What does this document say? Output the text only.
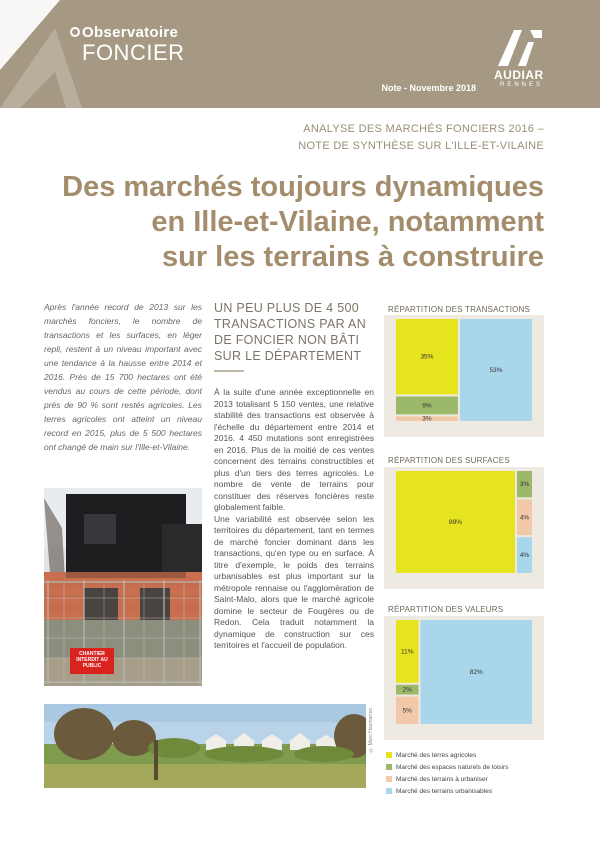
Observatoire
FONCIER
Note - Novembre 2018
AUDIAR
RENNES
ANALYSE DES MARCHÉS FONCIERS 2016 –
NOTE DE SYNTHÈSE SUR L'ILLE-ET-VILAINE
Des marchés toujours dynamiques
en Ille-et-Vilaine, notamment
sur les terrains à construire
Après l'année record de 2013 sur les marchés fonciers, le nombre de transactions et les surfaces, en léger repli, restent à un niveau important avec une tendance à la hausse entre 2014 et 2016. Près de 15 700 hectares ont été vendus au cours de cette période, dont près de 90 % sont restés agricoles. Les terres agricoles ont atteint un niveau record en 2015, plus de 5 500 hectares ont changé de main sur l'Ille-et-Vilaine.
UN PEU PLUS DE 4 500 TRANSACTIONS PAR AN DE FONCIER NON BÂTI SUR LE DÉPARTEMENT
À la suite d'une année exceptionnelle en 2013 totalisant 5 150 ventes, une relative stabilité des transactions est observée à l'échelle du département entre 2014 et 2016. 4 450 mutations sont enregistrées en 2016. Plus de la moitié de ces ventes concernent des terrains constructibles et plus d'un tiers des terres agricoles. Le nombre de vente de terrains pour constituer des réserves foncières reste globalement faible.
Une variabilité est observée selon les territoires du département, tant en termes de marché foncier dominant dans les transactions, qu'en type ou en surface. À titre d'exemple, le poids des terrains urbanisables est plus important sur la métropole rennaise ou l'agglomération de Saint-Malo, alors que le marché agricole domine le secteur de Fougères ou de Redon. Cela traduit notamment la dynamique de construction sur ces territoires et l'accueil de population.
CHANTIER INTERDIT AU PUBLIC
© Marc Haumarrec
RÉPARTITION DES TRANSACTIONS
RÉPARTITION DES SURFACES
RÉPARTITION DES VALEURS
35%
9%
3%
53%
89%
3%
4%
4%
11%
2%
5%
82%
Marché des terres agricoles
Marché des espaces naturels de loisirs
Marché des terrains à urbaniser
Marché des terrains urbanisables
